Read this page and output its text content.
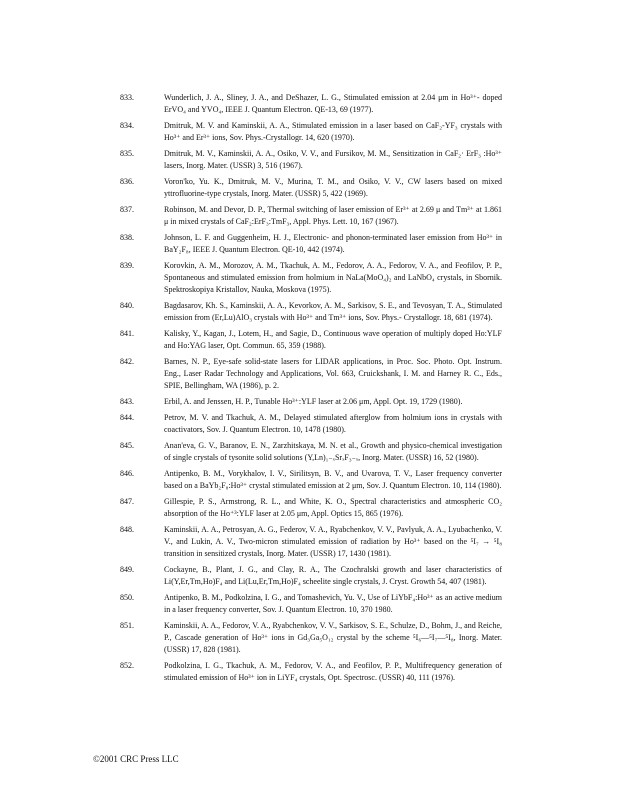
833.	Wunderlich, J. A., Sliney, J. A., and DeShazer, L. G., Stimulated emission at 2.04 μm in Ho³⁺- doped ErVO₄ and YVO₄, IEEE J. Quantum Electron. QE-13, 69 (1977).
834.	Dmitruk, M. V. and Kaminskii, A. A., Stimulated emission in a laser based on CaF₂-YF₃ crystals with Ho³⁺ and Er³⁺ ions, Sov. Phys.-Crystallogr. 14, 620 (1970).
835.	Dmitruk, M. V., Kaminskii, A. A., Osiko, V. V., and Fursikov, M. M., Sensitization in CaF₂· ErF₃ :Ho³⁺ lasers, Inorg. Mater. (USSR) 3, 516 (1967).
836.	Voron'ko, Yu. K., Dmitruk, M. V., Murina, T. M., and Osiko, V. V., CW lasers based on mixed yttrofluorine-type crystals, Inorg. Mater. (USSR) 5, 422 (1969).
837.	Robinson, M. and Devor, D. P., Thermal switching of laser emission of Er³⁺ at 2.69 μ and Tm³⁺ at 1.861 μ in mixed crystals of CaF₂:ErF₃:TmF₃, Appl. Phys. Lett. 10, 167 (1967).
838.	Johnson, L. F. and Guggenheim, H. J., Electronic- and phonon-terminated laser emission from Ho³⁺ in BaY₂F₈, IEEE J. Quantum Electron. QE-10, 442 (1974).
839.	Korovkin, A. M., Morozov, A. M., Tkachuk, A. M., Fedorov, A. A., Fedorov, V. A., and Feofilov, P. P., Spontaneous and stimulated emission from holmium in NaLa(MoO₄)₂ and LaNbO₄ crystals, in Sbornik. Spektroskopiya Kristallov, Nauka, Moskova (1975).
840.	Bagdasarov, Kh. S., Kaminskii, A. A., Kevorkov, A. M., Sarkisov, S. E., and Tevosyan, T. A., Stimulated emission from (Er,Lu)AlO₃ crystals with Ho³⁺ and Tm³⁺ ions, Sov. Phys.- Crystallogr. 18, 681 (1974).
841.	Kalisky, Y., Kagan, J., Lotem, H., and Sagie, D., Continuous wave operation of multiply doped Ho:YLF and Ho:YAG laser, Opt. Commun. 65, 359 (1988).
842.	Barnes, N. P., Eye-safe solid-state lasers for LIDAR applications, in Proc. Soc. Photo. Opt. Instrum. Eng., Laser Radar Technology and Applications, Vol. 663, Cruickshank, I. M. and Harney R. C., Eds., SPIE, Bellingham, WA (1986), p. 2.
843.	Erbil, A. and Jenssen, H. P., Tunable Ho³⁺:YLF laser at 2.06 μm, Appl. Opt. 19, 1729 (1980).
844.	Petrov, M. V. and Tkachuk, A. M., Delayed stimulated afterglow from holmium ions in crystals with coactivators, Sov. J. Quantum Electron. 10, 1478 (1980).
845.	Anan'eva, G. V., Baranov, E. N., Zarzhitskaya, M. N. et al., Growth and physico-chemical investigation of single crystals of tysonite solid solutions (Y,Ln)₁₋ₓSrₓF₃₋ₓ, Inorg. Mater. (USSR) 16, 52 (1980).
846.	Antipenko, B. M., Vorykhalov, I. V., Sirilitsyn, B. V., and Uvarova, T. V., Laser frequency converter based on a BaYb₂F₈:Ho³⁺ crystal stimulated emission at 2 μm, Sov. J. Quantum Electron. 10, 114 (1980).
847.	Gillespie, P. S., Armstrong, R. L., and White, K. O., Spectral characteristics and atmospheric CO₂ absorption of the Ho⁺³:YLF laser at 2.05 μm, Appl. Optics 15, 865 (1976).
848.	Kaminskii, A. A., Petrosyan, A. G., Federov, V. A., Ryabchenkov, V. V., Pavlyuk, A. A., Lyubachenko, V. V., and Lukin, A. V., Two-micron stimulated emission of radiation by Ho³⁺ based on the ⁵I₇ → ⁵I₈ transition in sensitized crystals, Inorg. Mater. (USSR) 17, 1430 (1981).
849.	Cockayne, B., Plant, J. G., and Clay, R. A., The Czochralski growth and laser characteristics of Li(Y,Er,Tm,Ho)F₄ and Li(Lu,Er,Tm,Ho)F₄ scheelite single crystals, J. Cryst. Growth 54, 407 (1981).
850.	Antipenko, B. M., Podkolzina, I. G., and Tomashevich, Yu. V., Use of LiYbF₄:Ho³⁺ as an active medium in a laser frequency converter, Sov. J. Quantum Electron. 10, 370 1980.
851.	Kaminskii, A. A., Fedorov, V. A., Ryabchenkov, V. V., Sarkisov, S. E., Schulze, D., Bohm, J., and Reiche, P., Cascade generation of Ho³⁺ ions in Gd₃Ga₅O₁₂ crystal by the scheme ⁵I₆—⁵I₇—⁵I₈, Inorg. Mater. (USSR) 17, 828 (1981).
852.	Podkolzina, I. G., Tkachuk, A. M., Fedorov, V. A., and Feofilov, P. P., Multifrequency generation of stimulated emission of Ho³⁺ ion in LiYF₄ crystals, Opt. Spectrosc. (USSR) 40, 111 (1976).
©2001 CRC Press LLC
